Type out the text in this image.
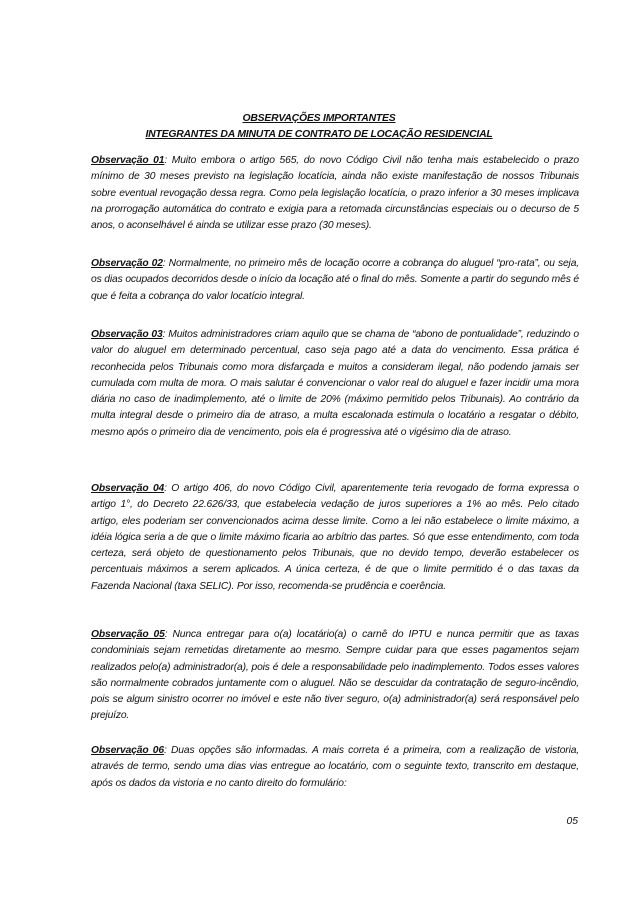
OBSERVAÇÕES IMPORTANTES
INTEGRANTES DA MINUTA DE CONTRATO DE LOCAÇÃO RESIDENCIAL

Observação 01: Muito embora o artigo 565, do novo Código Civil não tenha mais estabelecido o prazo mínimo de 30 meses previsto na legislação locatícia, ainda não existe manifestação de nossos Tribunais sobre eventual revogação dessa regra. Como pela legislação locatícia, o prazo inferior a 30 meses implicava na prorrogação automática do contrato e exigia para a retomada circunstâncias especiais ou o decurso de 5 anos, o aconselhável é ainda se utilizar esse prazo (30 meses).

Observação 02: Normalmente, no primeiro mês de locação ocorre a cobrança do aluguel “pro-rata”, ou seja, os dias ocupados decorridos desde o início da locação até o final do mês. Somente a partir do segundo mês é que é feita a cobrança do valor locatício integral.

Observação 03: Muitos administradores criam aquilo que se chama de “abono de pontualidade”, reduzindo o valor do aluguel em determinado percentual, caso seja pago até a data do vencimento. Essa prática é reconhecida pelos Tribunais como mora disfarçada e muitos a consideram ilegal, não podendo jamais ser cumulada com multa de mora. O mais salutar é convencionar o valor real do aluguel e fazer incidir uma mora diária no caso de inadimplemento, até o limite de 20% (máximo permitido pelos Tribunais). Ao contrário da multa integral desde o primeiro dia de atraso, a multa escalonada estimula o locatário a resgatar o débito, mesmo após o primeiro dia de vencimento, pois ela é progressiva até o vigésimo dia de atraso.

Observação 04: O artigo 406, do novo Código Civil, aparentemente teria revogado de forma expressa o artigo 1°, do Decreto 22.626/33, que estabelecia vedação de juros superiores a 1% ao mês. Pelo citado artigo, eles poderiam ser convencionados acima desse limite. Como a lei não estabelece o limite máximo, a idéia lógica seria a de que o limite máximo ficaria ao arbítrio das partes. Só que esse entendimento, com toda certeza, será objeto de questionamento pelos Tribunais, que no devido tempo, deverão estabelecer os percentuais máximos a serem aplicados. A única certeza, é de que o limite permitido é o das taxas da Fazenda Nacional (taxa SELIC). Por isso, recomenda-se prudência e coerência.

Observação 05: Nunca entregar para o(a) locatário(a) o carnê do IPTU e nunca permitir que as taxas condominiais sejam remetidas diretamente ao mesmo. Sempre cuidar para que esses pagamentos sejam realizados pelo(a) administrador(a), pois é dele a responsabilidade pelo inadimplemento. Todos esses valores são normalmente cobrados juntamente com o aluguel. Não se descuidar da contratação de seguro-incêndio, pois se algum sinistro ocorrer no imóvel e este não tiver seguro, o(a) administrador(a) será responsável pelo prejuízo.

Observação 06: Duas opções são informadas. A mais correta é a primeira, com a realização de vistoria, através de termo, sendo uma dias vias entregue ao locatário, com o seguinte texto, transcrito em destaque, após os dados da vistoria e no canto direito do formulário:

05
